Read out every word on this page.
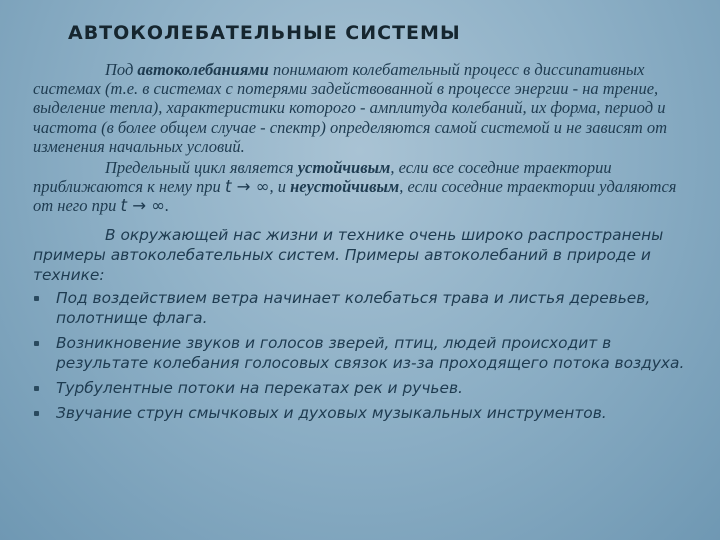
АВТОКОЛЕБАТЕЛЬНЫЕ СИСТЕМЫ

Под автоколебаниями понимают колебательный процесс в диссипативных системах (т.е. в системах с потерями задействованной в процессе энергии - на трение, выделение тепла), характеристики которого - амплитуда колебаний, их форма, период и частота (в более общем случае - спектр) определяются самой системой и не зависят от изменения начальных условий.

Предельный цикл является устойчивым, если все соседние траектории приближаются к нему при t → ∞, и неустойчивым, если соседние траектории удаляются от него при t → ∞.

В окружающей нас жизни и технике очень широко распространены примеры автоколебательных систем. Примеры автоколебаний в природе и технике:

Под воздействием ветра начинает колебаться трава и листья деревьев, полотнище флага.
Возникновение звуков и голосов зверей, птиц, людей происходит в результате колебания голосовых связок из-за проходящего потока воздуха.
Турбулентные потоки на перекатах рек и ручьев.
Звучание струн смычковых и духовых музыкальных инструментов.
